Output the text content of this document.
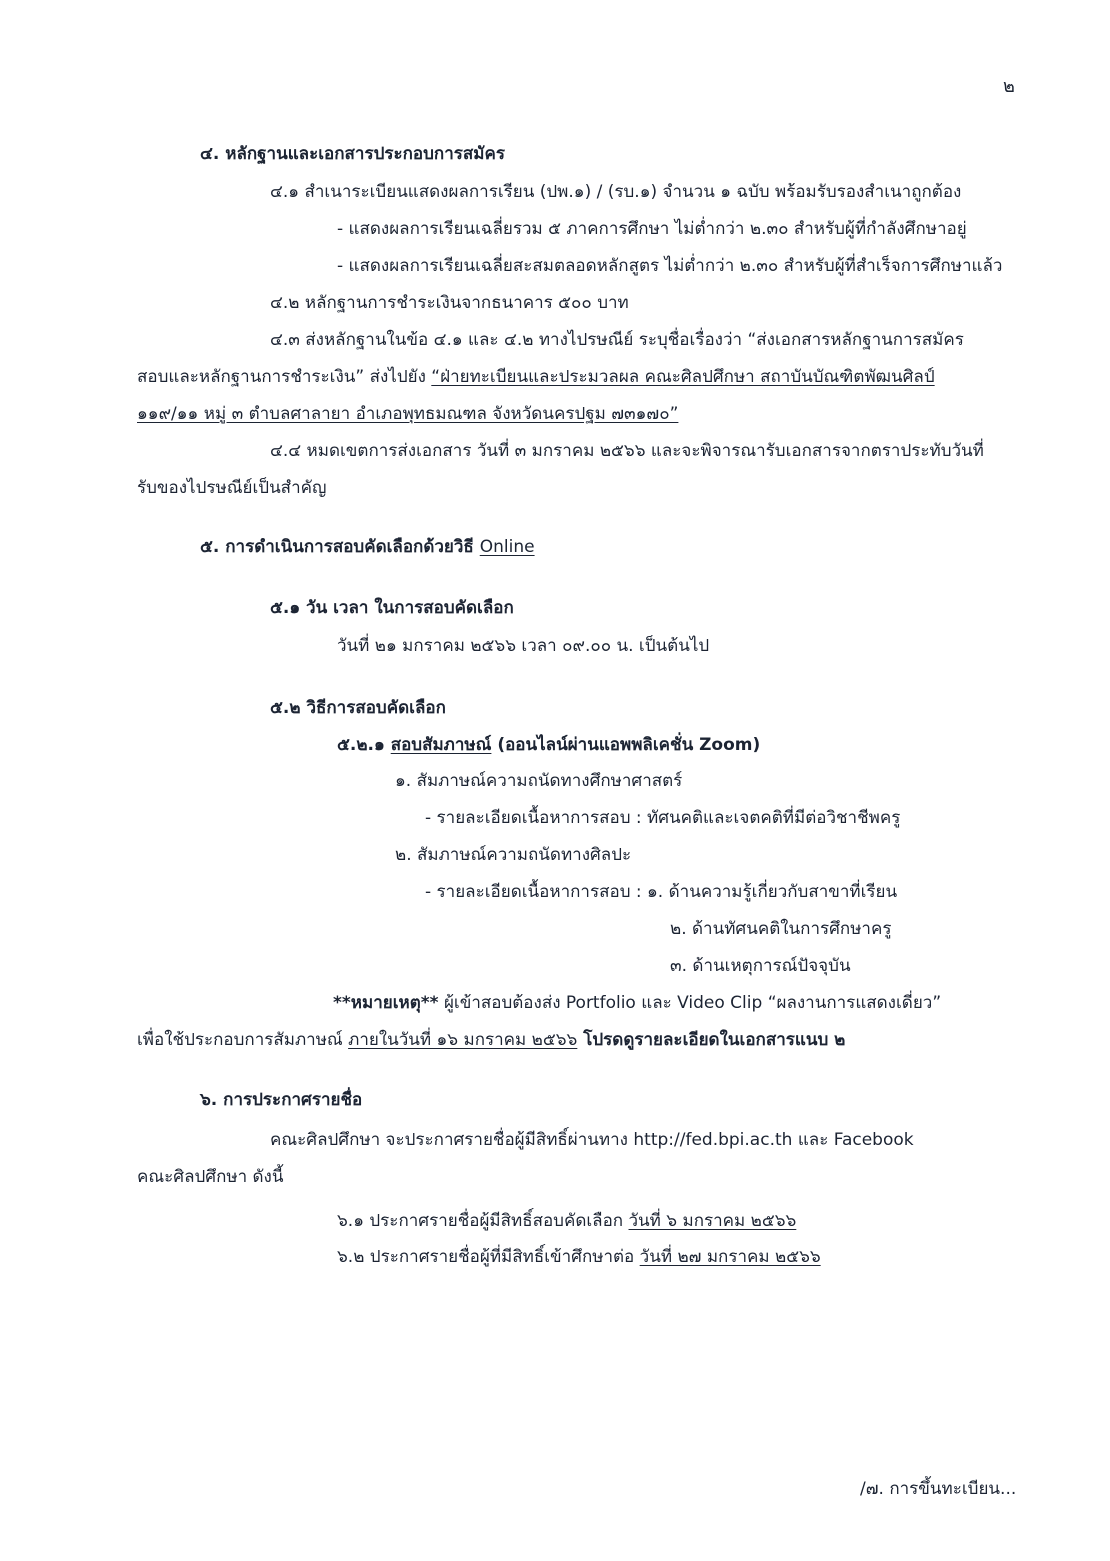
๒
๔. หลักฐานและเอกสารประกอบการสมัคร
๔.๑ สำเนาระเบียนแสดงผลการเรียน (ปพ.๑) / (รบ.๑) จำนวน ๑ ฉบับ พร้อมรับรองสำเนาถูกต้อง
- แสดงผลการเรียนเฉลี่ยรวม ๕ ภาคการศึกษา ไม่ต่ำกว่า ๒.๓๐ สำหรับผู้ที่กำลังศึกษาอยู่
- แสดงผลการเรียนเฉลี่ยสะสมตลอดหลักสูตร ไม่ต่ำกว่า ๒.๓๐ สำหรับผู้ที่สำเร็จการศึกษาแล้ว
๔.๒ หลักฐานการชำระเงินจากธนาคาร ๕๐๐ บาท
๔.๓ ส่งหลักฐานในข้อ ๔.๑ และ ๔.๒ ทางไปรษณีย์ ระบุชื่อเรื่องว่า “ส่งเอกสารหลักฐานการสมัคร
สอบและหลักฐานการชำระเงิน” ส่งไปยัง “ฝ่ายทะเบียนและประมวลผล คณะศิลปศึกษา สถาบันบัณฑิตพัฒนศิลป์
๑๑๙/๑๑ หมู่ ๓ ตำบลศาลายา อำเภอพุทธมณฑล จังหวัดนครปฐม ๗๓๑๗๐”
๔.๔ หมดเขตการส่งเอกสาร วันที่ ๓ มกราคม ๒๕๖๖ และจะพิจารณารับเอกสารจากตราประทับวันที่
รับของไปรษณีย์เป็นสำคัญ
๕. การดำเนินการสอบคัดเลือกด้วยวิธี Online
๕.๑ วัน เวลา ในการสอบคัดเลือก
วันที่ ๒๑ มกราคม ๒๕๖๖ เวลา ๐๙.๐๐ น. เป็นต้นไป
๕.๒ วิธีการสอบคัดเลือก
๕.๒.๑ สอบสัมภาษณ์ (ออนไลน์ผ่านแอพพลิเคชั่น Zoom)
๑. สัมภาษณ์ความถนัดทางศึกษาศาสตร์
- รายละเอียดเนื้อหาการสอบ : ทัศนคติและเจตคติที่มีต่อวิชาชีพครู
๒. สัมภาษณ์ความถนัดทางศิลปะ
- รายละเอียดเนื้อหาการสอบ : ๑. ด้านความรู้เกี่ยวกับสาขาที่เรียน
๒. ด้านทัศนคติในการศึกษาครู
๓. ด้านเหตุการณ์ปัจจุบัน
**หมายเหตุ** ผู้เข้าสอบต้องส่ง Portfolio และ Video Clip “ผลงานการแสดงเดี่ยว”
เพื่อใช้ประกอบการสัมภาษณ์ ภายในวันที่ ๑๖ มกราคม ๒๕๖๖ โปรดดูรายละเอียดในเอกสารแนบ ๒
๖. การประกาศรายชื่อ
คณะศิลปศึกษา จะประกาศรายชื่อผู้มีสิทธิ์ผ่านทาง http://fed.bpi.ac.th และ Facebook
คณะศิลปศึกษา ดังนี้
๖.๑ ประกาศรายชื่อผู้มีสิทธิ์สอบคัดเลือก วันที่ ๖ มกราคม ๒๕๖๖
๖.๒ ประกาศรายชื่อผู้ที่มีสิทธิ์เข้าศึกษาต่อ วันที่ ๒๗ มกราคม ๒๕๖๖
/๗. การขึ้นทะเบียน...
